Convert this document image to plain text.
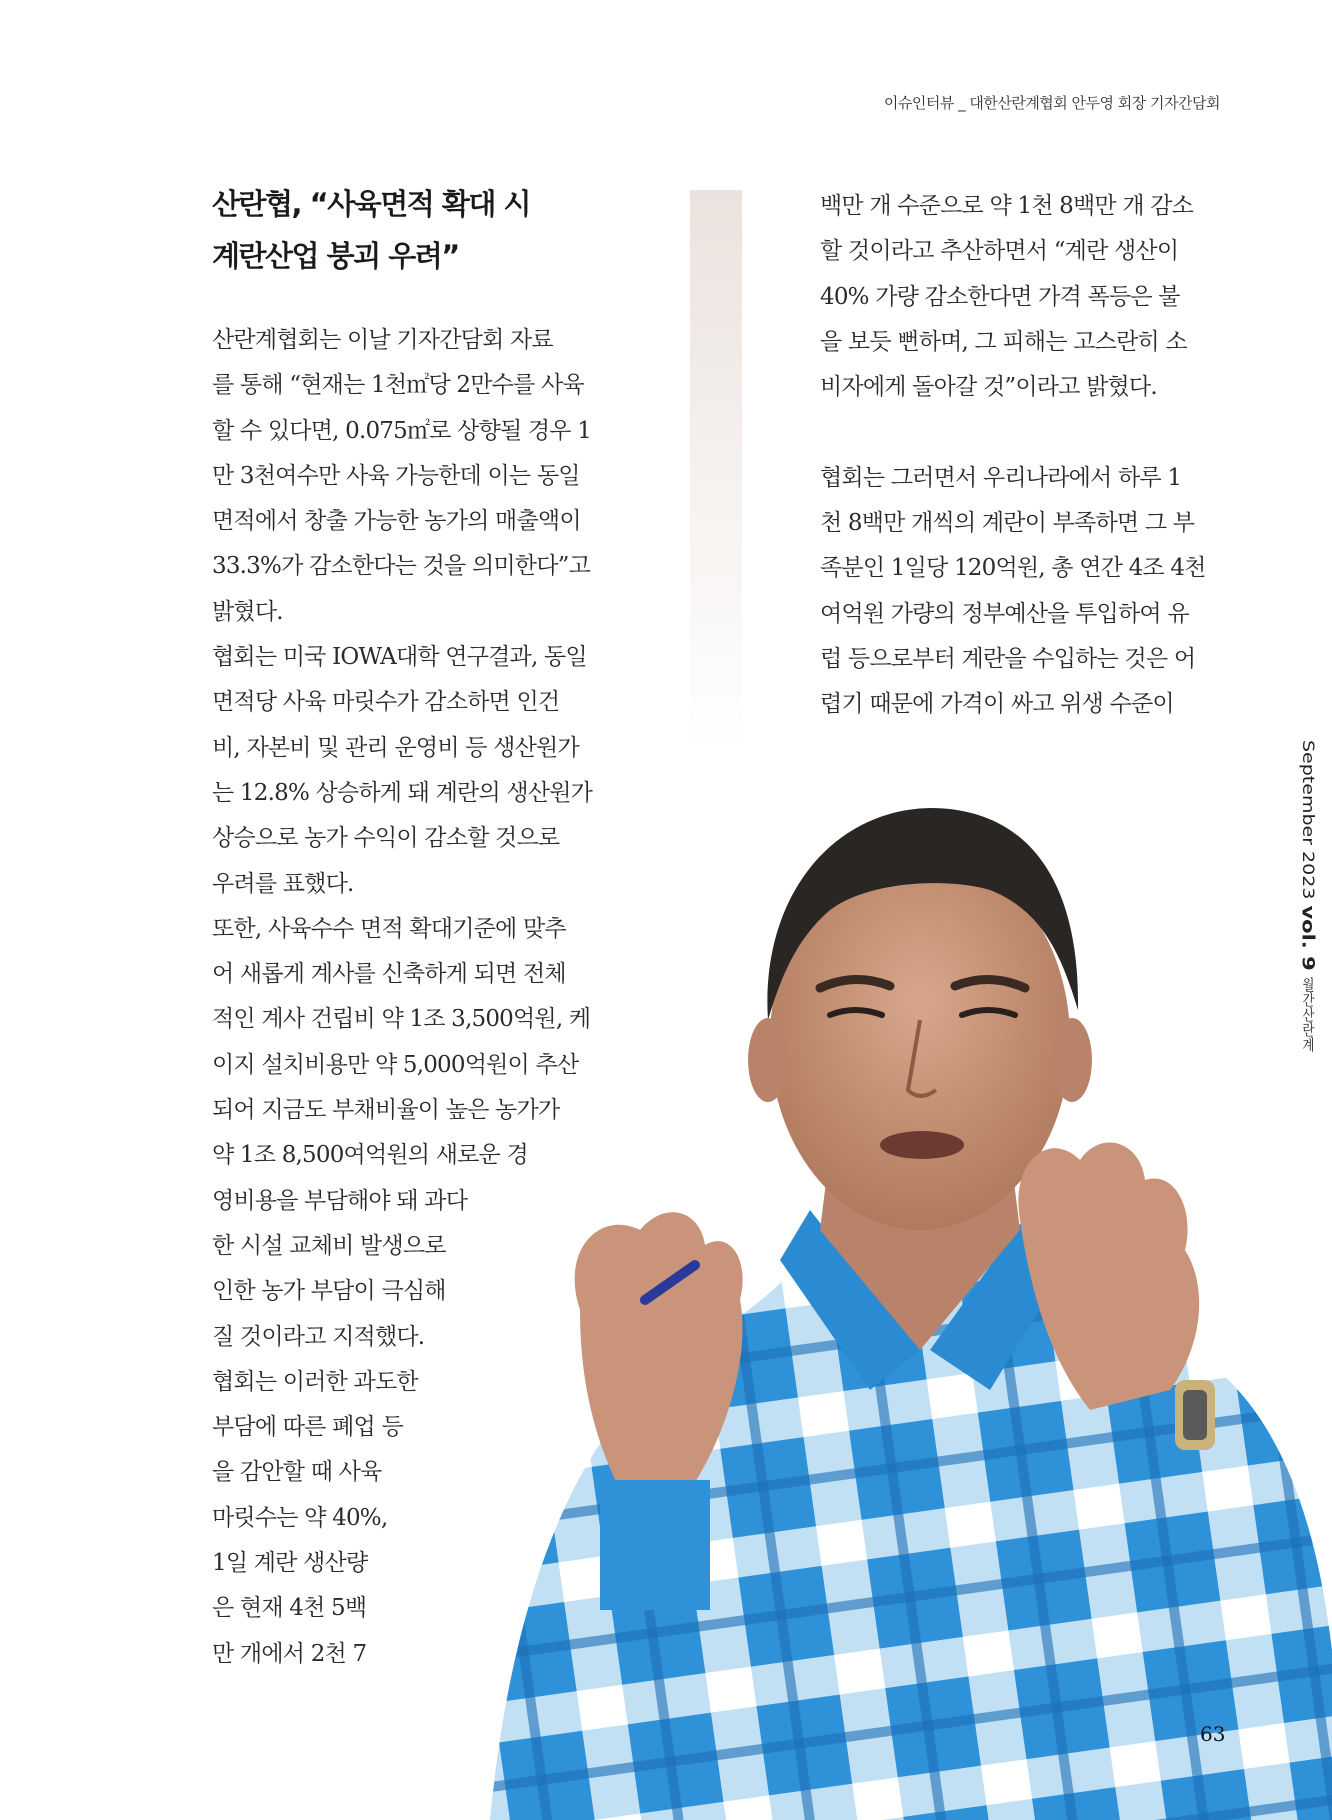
이슈인터뷰 _ 대한산란계협회 안두영 회장 기자간담회
산란협, “사육면적 확대 시
계란산업 붕괴 우려”
산란계협회는 이날 기자간담회 자료
를 통해 “현재는 1천㎡당 2만수를 사육
할 수 있다면, 0.075㎡로 상향될 경우 1
만 3천여수만 사육 가능한데 이는 동일
면적에서 창출 가능한 농가의 매출액이
33.3%가 감소한다는 것을 의미한다”고
밝혔다.
협회는 미국 IOWA대학 연구결과, 동일
면적당 사육 마릿수가 감소하면 인건
비, 자본비 및 관리 운영비 등 생산원가
는 12.8% 상승하게 돼 계란의 생산원가
상승으로 농가 수익이 감소할 것으로
우려를 표했다.
또한, 사육수수 면적 확대기준에 맞추
어 새롭게 계사를 신축하게 되면 전체
적인 계사 건립비 약 1조 3,500억원, 케
이지 설치비용만 약 5,000억원이 추산
되어 지금도 부채비율이 높은 농가가
약 1조 8,500여억원의 새로운 경
영비용을 부담해야 돼 과다
한 시설 교체비 발생으로
인한 농가 부담이 극심해
질 것이라고 지적했다.
협회는 이러한 과도한
부담에 따른 폐업 등
을 감안할 때 사육
마릿수는 약 40%,
1일 계란 생산량
은 현재 4천 5백
만 개에서 2천 7
백만 개 수준으로 약 1천 8백만 개 감소
할 것이라고 추산하면서 “계란 생산이
40% 가량 감소한다면 가격 폭등은 불
을 보듯 뻔하며, 그 피해는 고스란히 소
비자에게 돌아갈 것”이라고 밝혔다.
협회는 그러면서 우리나라에서 하루 1
천 8백만 개씩의 계란이 부족하면 그 부
족분인 1일당 120억원, 총 연간 4조 4천
여억원 가량의 정부예산을 투입하여 유
럽 등으로부터 계란을 수입하는 것은 어
렵기 때문에 가격이 싸고 위생 수준이
September 2023 vol. 9 월간산란계
63
